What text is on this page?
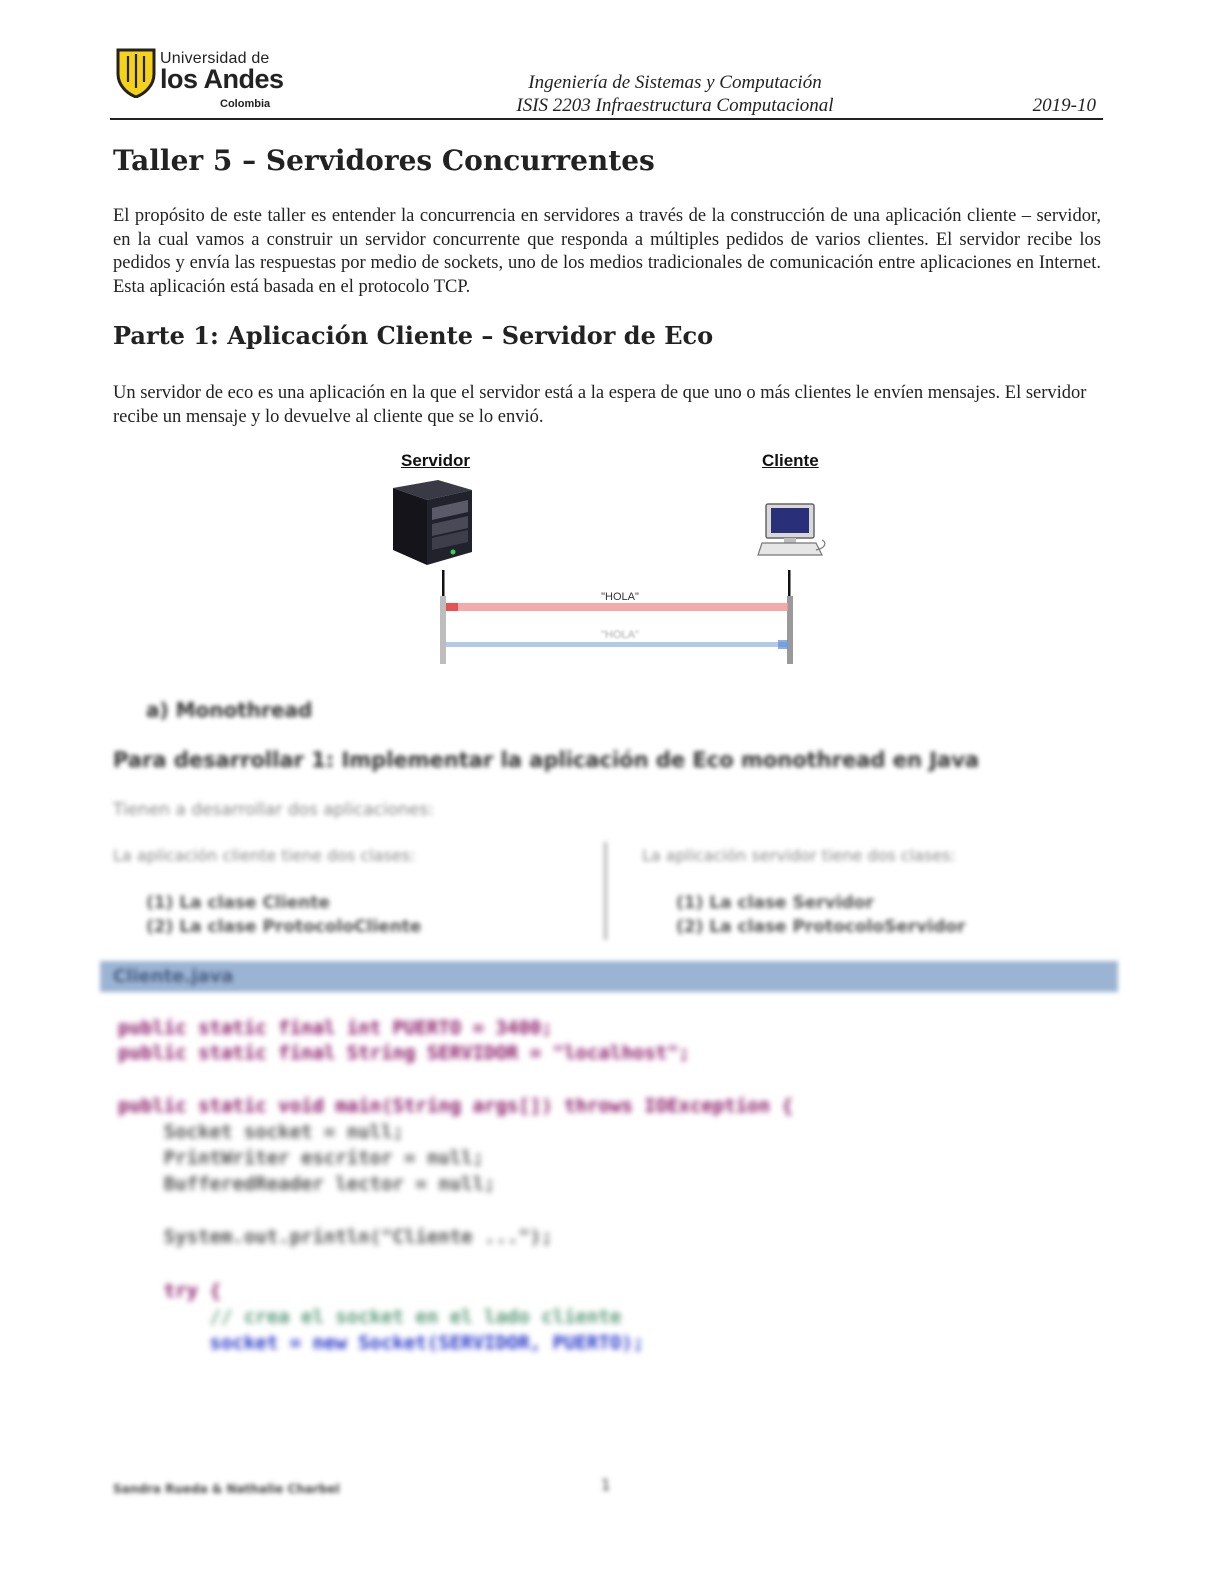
Universidad de
los Andes
Colombia
Ingeniería de Sistemas y Computación
ISIS 2203 Infraestructura Computacional	2019-10
Taller 5 – Servidores Concurrentes
El propósito de este taller es entender la concurrencia en servidores a través de la construcción de una aplicación cliente – servidor, en la cual vamos a construir un servidor concurrente que responda a múltiples pedidos de varios clientes. El servidor recibe los pedidos y envía las respuestas por medio de sockets, uno de los medios tradicionales de comunicación entre aplicaciones en Internet. Esta aplicación está basada en el protocolo TCP.
Parte 1: Aplicación Cliente – Servidor de Eco
Un servidor de eco es una aplicación en la que el servidor está a la espera de que uno o más clientes le envíen mensajes. El servidor recibe un mensaje y lo devuelve al cliente que se lo envió.
Servidor	Cliente
"HOLA"
"HOLA"
a) Monothread
Para desarrollar 1: Implementar la aplicación de Eco monothread en Java
Tienen a desarrollar dos aplicaciones:
La aplicación cliente tiene dos clases:
(1) La clase Cliente
(2) La clase ProtocoloCliente
La aplicación servidor tiene dos clases:
(1) La clase Servidor
(2) La clase ProtocoloServidor
Cliente.java
public static final int PUERTO = 3400;
public static final String SERVIDOR = "localhost";
public static void main(String args[]) throws IOException {
Socket socket = null;
PrintWriter escritor = null;
BufferedReader lector = null;
System.out.println("Cliente ...");
try {
// crea el socket en el lado cliente
socket = new Socket(SERVIDOR, PUERTO);
Sandra Rueda & Nathalie Charbel	1
